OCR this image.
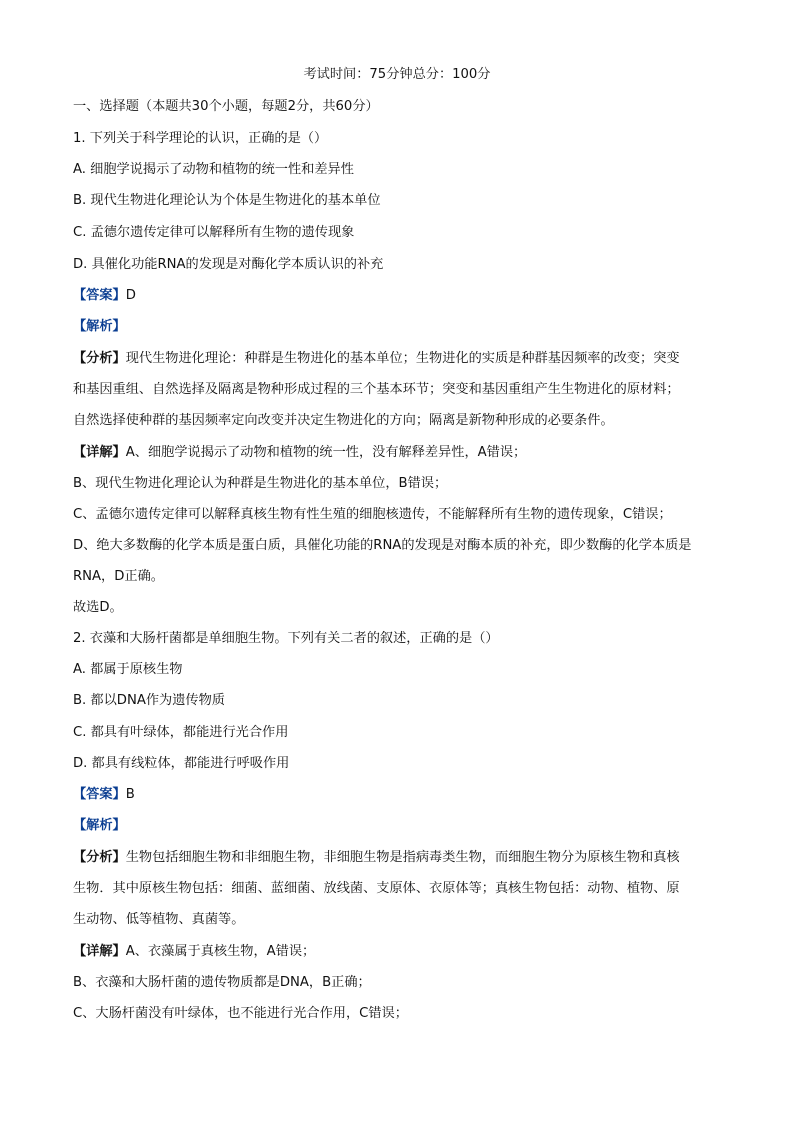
考试时间：75分钟总分：100分
一、选择题（本题共30个小题，每题2分，共60分）
1. 下列关于科学理论的认识，正确的是（）
A. 细胞学说揭示了动物和植物的统一性和差异性
B. 现代生物进化理论认为个体是生物进化的基本单位
C. 孟德尔遗传定律可以解释所有生物的遗传现象
D. 具催化功能RNA的发现是对酶化学本质认识的补充
【答案】D
【解析】
【分析】现代生物进化理论：种群是生物进化的基本单位；生物进化的实质是种群基因频率的改变；突变
和基因重组、自然选择及隔离是物种形成过程的三个基本环节；突变和基因重组产生生物进化的原材料；
自然选择使种群的基因频率定向改变并决定生物进化的方向；隔离是新物种形成的必要条件。
【详解】A、细胞学说揭示了动物和植物的统一性，没有解释差异性，A错误；
B、现代生物进化理论认为种群是生物进化的基本单位，B错误；
C、孟德尔遗传定律可以解释真核生物有性生殖的细胞核遗传，不能解释所有生物的遗传现象，C错误；
D、绝大多数酶的化学本质是蛋白质，具催化功能的RNA的发现是对酶本质的补充，即少数酶的化学本质是
RNA，D正确。
故选D。
2. 衣藻和大肠杆菌都是单细胞生物。下列有关二者的叙述，正确的是（）
A. 都属于原核生物
B. 都以DNA作为遗传物质
C. 都具有叶绿体，都能进行光合作用
D. 都具有线粒体，都能进行呼吸作用
【答案】B
【解析】
【分析】生物包括细胞生物和非细胞生物，非细胞生物是指病毒类生物，而细胞生物分为原核生物和真核
生物．其中原核生物包括：细菌、蓝细菌、放线菌、支原体、衣原体等；真核生物包括：动物、植物、原
生动物、低等植物、真菌等。
【详解】A、衣藻属于真核生物，A错误；
B、衣藻和大肠杆菌的遗传物质都是DNA，B正确；
C、大肠杆菌没有叶绿体，也不能进行光合作用，C错误；
